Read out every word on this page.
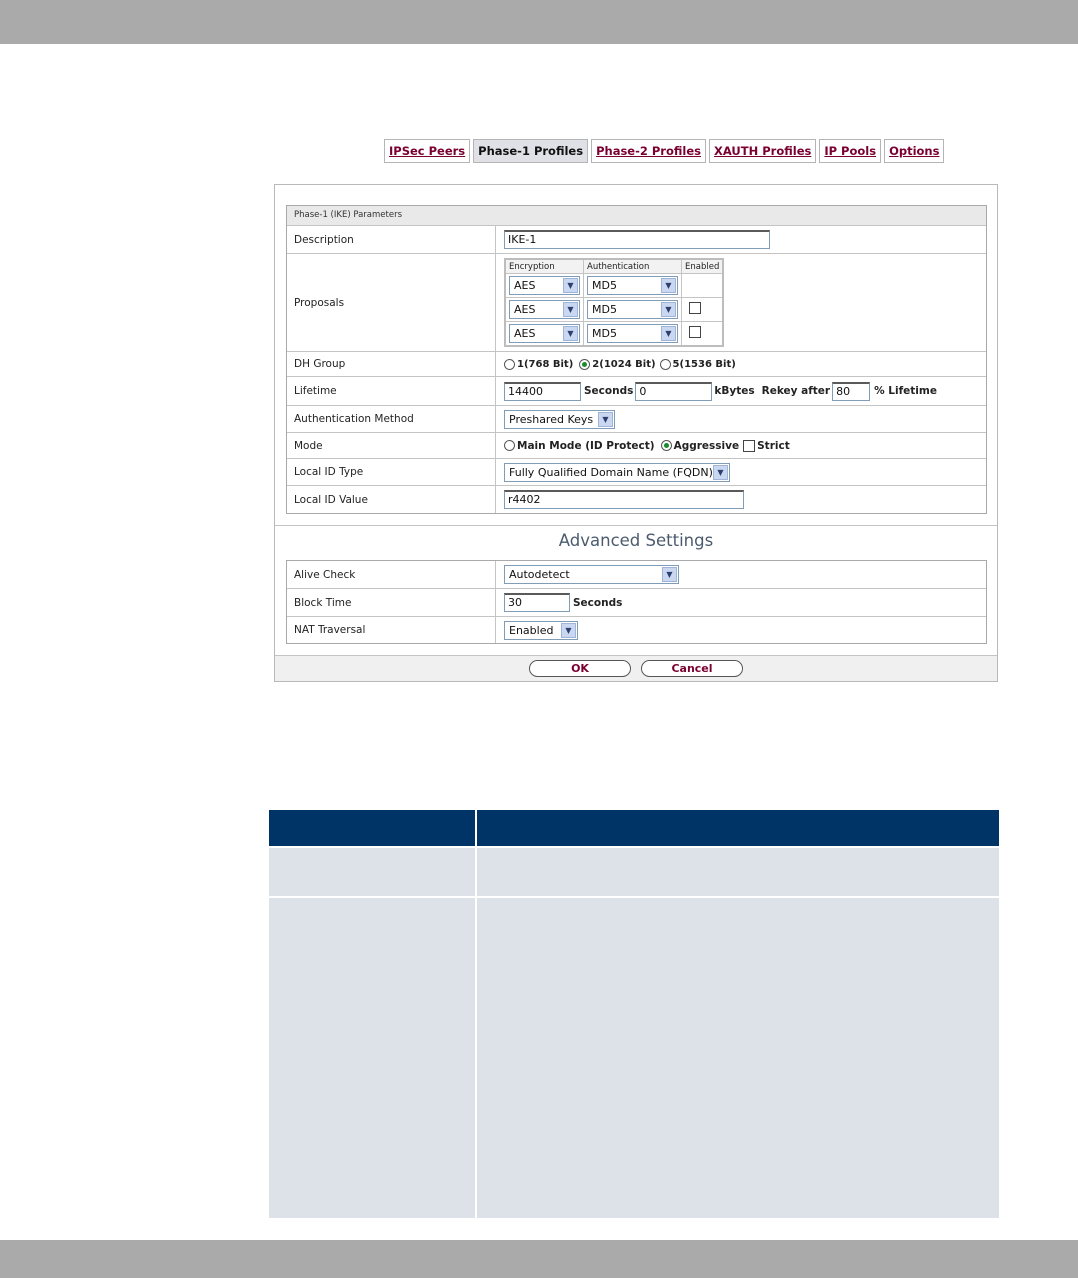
IPSec Peers	Phase-1 Profiles	Phase-2 Profiles	XAUTH Profiles	IP Pools	Options
Phase-1 (IKE) Parameters
Description	IKE-1
Proposals
Encryption	Authentication	Enabled

AES ▼	MD5 ▼	

AES ▼	MD5 ▼	

AES ▼	MD5 ▼	

DH Group	1(768 Bit) 2(1024 Bit) 5(1536 Bit)
Lifetime	14400	Seconds 0	kBytes Rekey after 80	% Lifetime
Authentication Method	Preshared Keys	▼
Mode	Main Mode (ID Protect) Aggressive Strict
Local ID Type	Fully Qualified Domain Name (FQDN) ▼
Local ID Value	r4402
Advanced Settings
Alive Check	Autodetect	▼
Block Time	30	Seconds
NAT Traversal	Enabled	▼
OK	Cancel
